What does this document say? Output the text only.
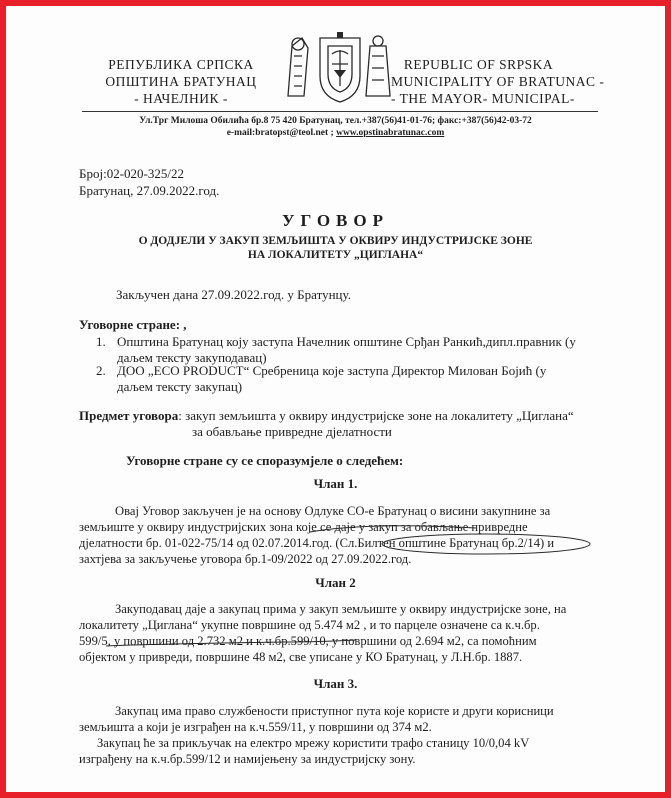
РЕПУБЛИКА СРПСКА
ОПШТИНА БРАТУНАЦ
- НАЧЕЛНИК -
REPUBLIC OF SRPSKA
MUNICIPALITY OF BRATUNAC -
- THE MAYOR- MUNICIPAL-
Ул.Трг Милоша Обилића бр.8 75 420 Братунац, тел.+387(56)41-01-76; факс:+387(56)42-03-72
e-mail:bratopst@teol.net ; www.opstinabratunac.com
Број:02-020-325/22
Братунац, 27.09.2022.год.
УГОВОР
О ДОДЈЕЛИ У ЗАКУП ЗЕМЉИШТА У ОКВИРУ ИНДУСТРИЈСКЕ ЗОНЕ
НА ЛОКАЛИТЕТУ „ЦИГЛАНА“
Закључен дана 27.09.2022.год. у Братунцу.
Уговорне стране: ,
1. Општина Братунац коју заступа Начелник општине Срђан Ранкић,дипл.правник (у
даљем тексту закуподавац)
2. ДОО „ECO PRODUCT“ Сребреница које заступа Директор Милован Бојић (у
даљем тексту закупац)
Предмет уговора: закуп земљишта у оквиру индустријске зоне на локалитету „Циглана“
за обављање привредне дјелатности
Уговорне стране су се споразумјеле о следећем:
Члан 1.
Овај Уговор закључен је на основу Одлуке СО-е Братунац о висини закупнине за
земљиште у оквиру индустријских зона које се даје у закуп за обављање привредне
дјелатности бр. 01-022-75/14 од 02.07.2014.год. (Сл.Билтен општине Братунац бр.2/14) и
захтјева за закључење уговора бр.1-09/2022 од 27.09.2022.год.
Члан 2
Закуподавац даје а закупац прима у закуп земљиште у оквиру индустријске зоне, на
локалитету „Циглана“ укупне површине од 5.474 м2 , и то парцеле означене са к.ч.бр.
599/5, у површини од 2.732 м2 и к.ч.бр.599/10, у површини од 2.694 м2, са помоћним
објектом у привреди, површине 48 м2, све уписане у КО Братунац, у Л.Н.бр. 1887.
Члан 3.
Закупац има право службености приступног пута које користе и други корисници
земљишта а који је изграђен на к.ч.559/11, у површини од 374 м2.
Закупац ће за прикључак на електро мрежу користити трафо станицу 10/0,04 kV
изграђену на к.ч.бр.599/12 и намијењену за индустријску зону.
